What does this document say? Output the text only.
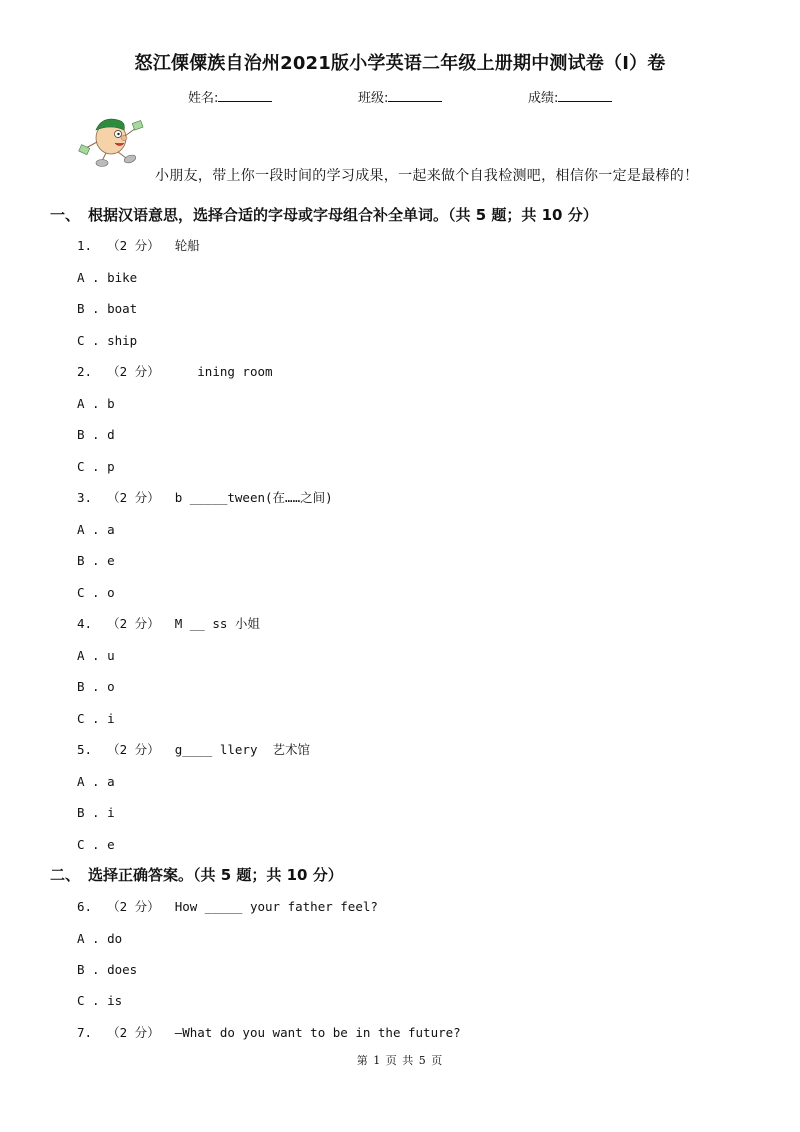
怒江傈僳族自治州2021版小学英语二年级上册期中测试卷（I）卷
姓名:	班级:	成绩:
小朋友，带上你一段时间的学习成果，一起来做个自我检测吧，相信你一定是最棒的！
一、 根据汉语意思，选择合适的字母或字母组合补全单词。（共 5 题；共 10 分）
1.  （2 分）  轮船
A . bike
B . boat
C . ship
2.  （2 分）     ining room
A . b
B . d
C . p
3.  （2 分）  b _____tween(在……之间)
A . a
B . e
C . o
4.  （2 分）  M __ ss 小姐
A . u
B . o
C . i
5.  （2 分）  g____ llery  艺术馆
A . a
B . i
C . e
二、 选择正确答案。（共 5 题；共 10 分）
6.  （2 分）  How _____ your father feel?
A . do
B . does
C . is
7.  （2 分）  —What do you want to be in the future?
第 1 页 共 5 页
